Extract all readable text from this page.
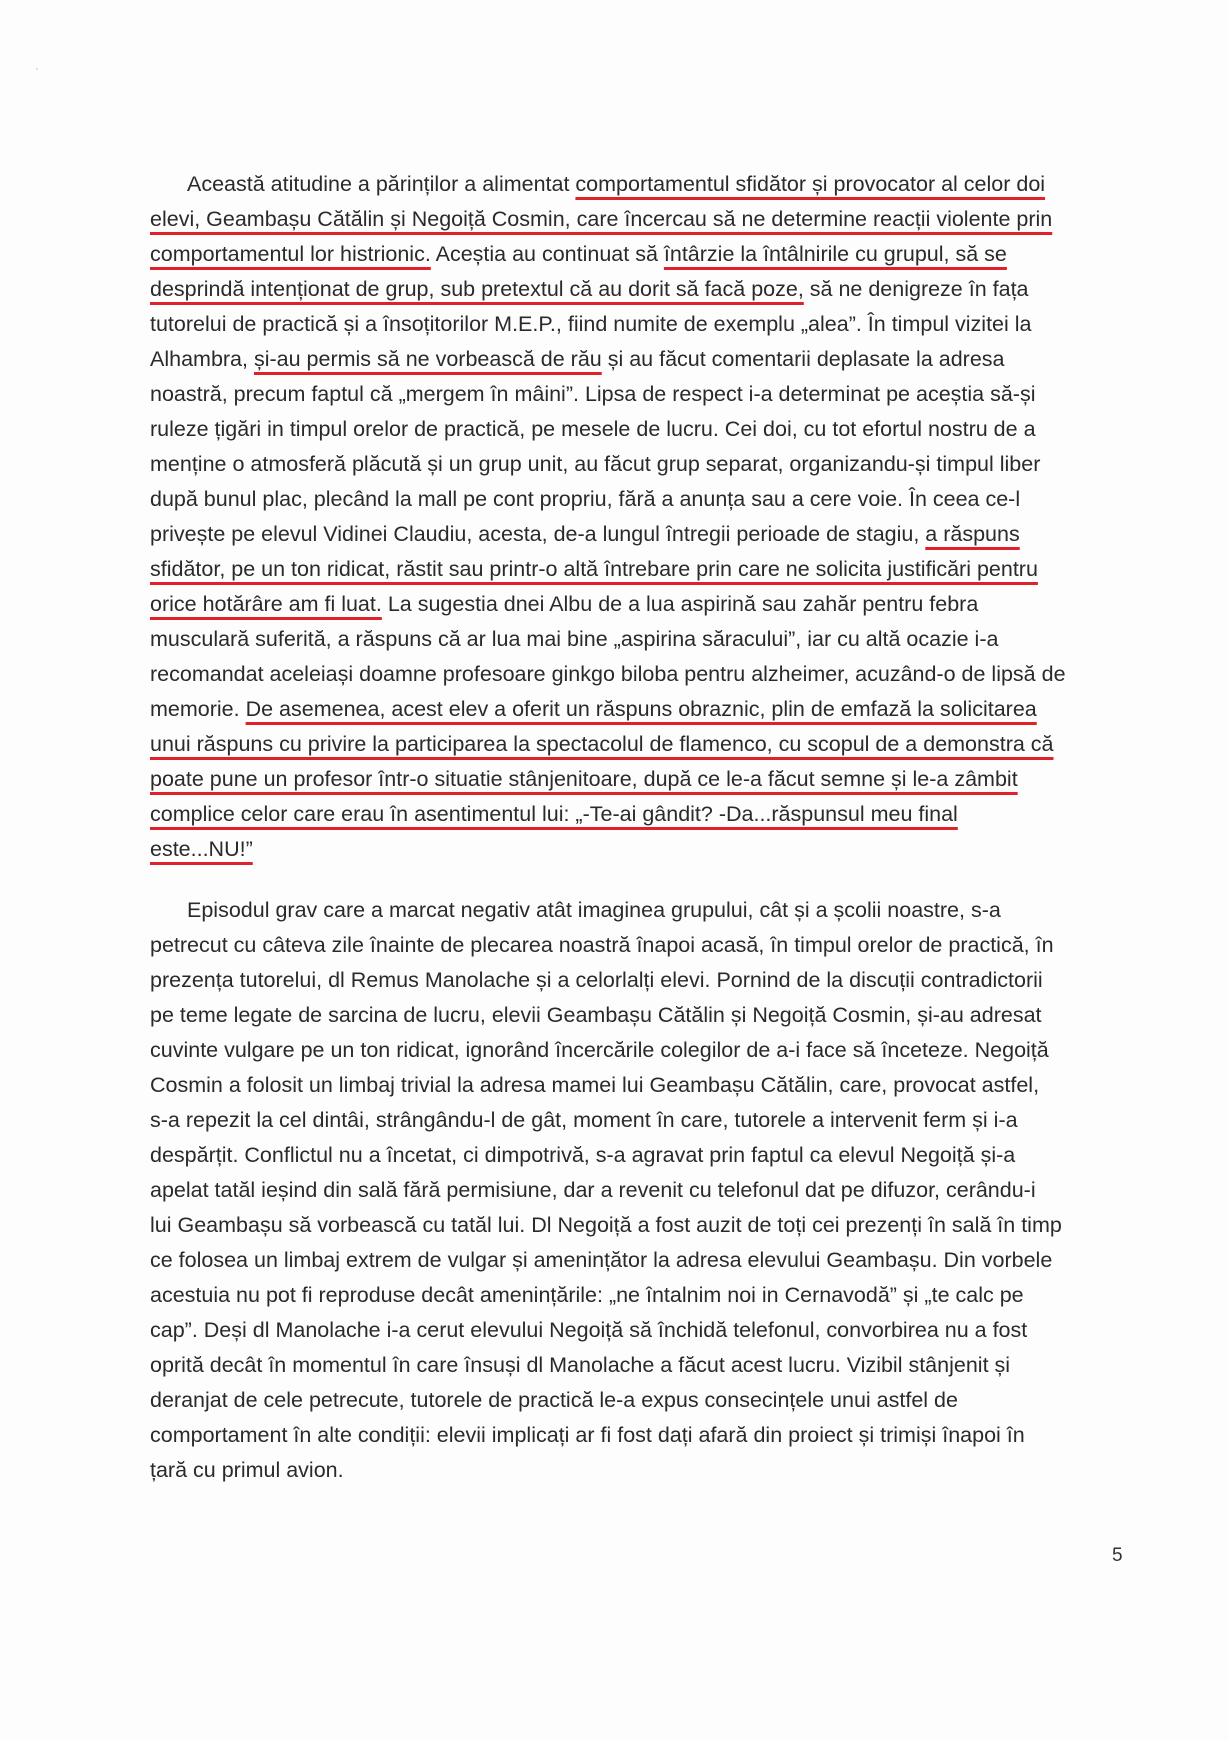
Această atitudine a părinților a alimentat comportamentul sfidător și provocator al celor doi
elevi, Geambașu Cătălin și Negoiță Cosmin, care încercau să ne determine reacții violente prin
comportamentul lor histrionic. Aceștia au continuat să întârzie la întâlnirile cu grupul, să se
desprindă intenționat de grup, sub pretextul că au dorit să facă poze, să ne denigreze în fața
tutorelui de practică și a însoțitorilor M.E.P., fiind numite de exemplu „alea”. În timpul vizitei la
Alhambra, și-au permis să ne vorbească de rău și au făcut comentarii deplasate la adresa
noastră, precum faptul că „mergem în mâini”. Lipsa de respect i-a determinat pe aceștia să-și
ruleze țigări in timpul orelor de practică, pe mesele de lucru. Cei doi, cu tot efortul nostru de a
menține o atmosferă plăcută și un grup unit, au făcut grup separat, organizandu-și timpul liber
după bunul plac, plecând la mall pe cont propriu, fără a anunța sau a cere voie. În ceea ce-l
privește pe elevul Vidinei Claudiu, acesta, de-a lungul întregii perioade de stagiu, a răspuns
sfidător, pe un ton ridicat, răstit sau printr-o altă întrebare prin care ne solicita justificări pentru
orice hotărâre am fi luat. La sugestia dnei Albu de a lua aspirină sau zahăr pentru febra
musculară suferită, a răspuns că ar lua mai bine „aspirina săracului”, iar cu altă ocazie i-a
recomandat aceleiași doamne profesoare ginkgo biloba pentru alzheimer, acuzând-o de lipsă de
memorie. De asemenea, acest elev a oferit un răspuns obraznic, plin de emfază la solicitarea
unui răspuns cu privire la participarea la spectacolul de flamenco, cu scopul de a demonstra că
poate pune un profesor într-o situatie stânjenitoare, după ce le-a făcut semne și le-a zâmbit
complice celor care erau în asentimentul lui: „-Te-ai gândit? -Da...răspunsul meu final
este...NU!”
Episodul grav care a marcat negativ atât imaginea grupului, cât și a școlii noastre, s-a
petrecut cu câteva zile înainte de plecarea noastră înapoi acasă, în timpul orelor de practică, în
prezența tutorelui, dl Remus Manolache și a celorlalți elevi. Pornind de la discuții contradictorii
pe teme legate de sarcina de lucru, elevii Geambașu Cătălin și Negoiță Cosmin, și-au adresat
cuvinte vulgare pe un ton ridicat, ignorând încercările colegilor de a-i face să înceteze. Negoiță
Cosmin a folosit un limbaj trivial la adresa mamei lui Geambașu Cătălin, care, provocat astfel,
s-a repezit la cel dintâi, strângându-l de gât, moment în care, tutorele a intervenit ferm și i-a
despărțit. Conflictul nu a încetat, ci dimpotrivă, s-a agravat prin faptul ca elevul Negoiță și-a
apelat tatăl ieșind din sală fără permisiune, dar a revenit cu telefonul dat pe difuzor, cerându-i
lui Geambașu să vorbească cu tatăl lui. Dl Negoiță a fost auzit de toți cei prezenți în sală în timp
ce folosea un limbaj extrem de vulgar și amenințător la adresa elevului Geambașu. Din vorbele
acestuia nu pot fi reproduse decât amenințările: „ne întalnim noi in Cernavodă” și „te calc pe
cap”. Deși dl Manolache i-a cerut elevului Negoiță să închidă telefonul, convorbirea nu a fost
oprită decât în momentul în care însuși dl Manolache a făcut acest lucru. Vizibil stânjenit și
deranjat de cele petrecute, tutorele de practică le-a expus consecințele unui astfel de
comportament în alte condiții: elevii implicați ar fi fost dați afară din proiect și trimiși înapoi în
țară cu primul avion.
5
